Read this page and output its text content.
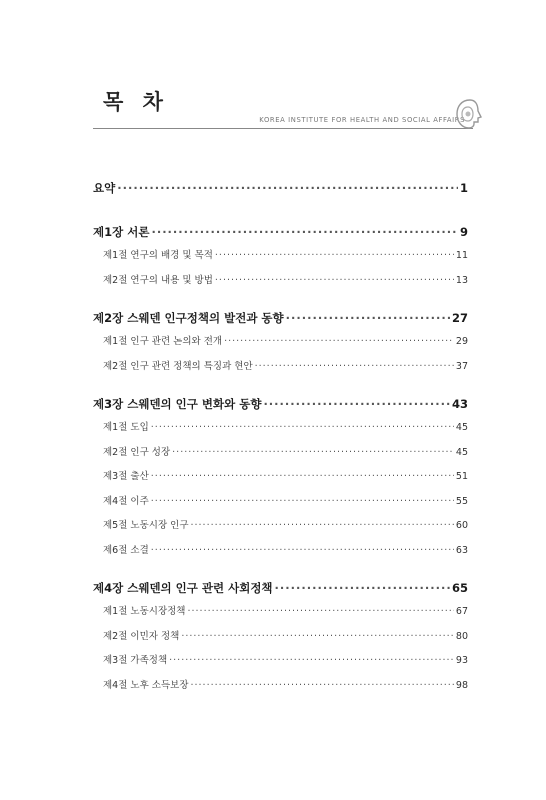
목 차
KOREA INSTITUTE FOR HEALTH AND SOCIAL AFFAIRS
요약 ·····	1
제1장 서론 ·····	9
제1절 연구의 배경 및 목적 ·····	11
제2절 연구의 내용 및 방법 ·····	13
제2장 스웨덴 인구정책의 발전과 동향 ·····	27
제1절 인구 관련 논의와 전개 ·····	29
제2절 인구 관련 정책의 특징과 현안 ·····	37
제3장 스웨덴의 인구 변화와 동향 ·····	43
제1절 도입 ·····	45
제2절 인구 성장 ·····	45
제3절 출산 ·····	51
제4절 이주 ·····	55
제5절 노동시장 인구 ·····	60
제6절 소결 ·····	63
제4장 스웨덴의 인구 관련 사회정책 ·····	65
제1절 노동시장정책 ·····	67
제2절 이민자 정책 ·····	80
제3절 가족정책 ·····	93
제4절 노후 소득보장 ·····	98
